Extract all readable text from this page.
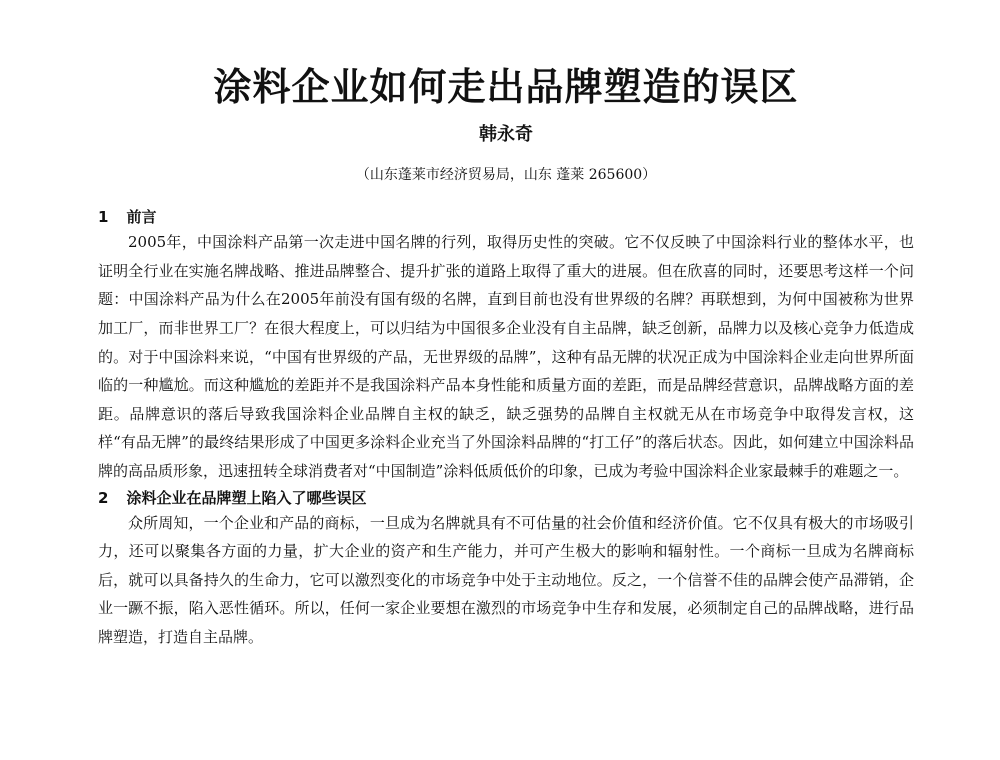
涂料企业如何走出品牌塑造的误区
韩永奇
（山东蓬莱市经济贸易局，山东 蓬莱 265600）
1 前言

2005年，中国涂料产品第一次走进中国名牌的行列，取得历史性的突破。它不仅反映了中国涂料行业的整体水平，也证明全行业在实施名牌战略、推进品牌整合、提升扩张的道路上取得了重大的进展。但在欣喜的同时，还要思考这样一个问题：中国涂料产品为什么在2005年前没有国有级的名牌，直到目前也没有世界级的名牌？再联想到，为何中国被称为世界加工厂，而非世界工厂？在很大程度上，可以归结为中国很多企业没有自主品牌，缺乏创新，品牌力以及核心竞争力低造成的。对于中国涂料来说，“中国有世界级的产品，无世界级的品牌”，这种有品无牌的状况正成为中国涂料企业走向世界所面临的一种尴尬。而这种尴尬的差距并不是我国涂料产品本身性能和质量方面的差距，而是品牌经营意识，品牌战略方面的差距。品牌意识的落后导致我国涂料企业品牌自主权的缺乏，缺乏强势的品牌自主权就无从在市场竞争中取得发言权，这样“有品无牌”的最终结果形成了中国更多涂料企业充当了外国涂料品牌的“打工仔”的落后状态。因此，如何建立中国涂料品牌的高品质形象，迅速扭转全球消费者对“中国制造”涂料低质低价的印象，已成为考验中国涂料企业家最棘手的难题之一。

2 涂料企业在品牌塑上陷入了哪些误区

众所周知，一个企业和产品的商标，一旦成为名牌就具有不可估量的社会价值和经济价值。它不仅具有极大的市场吸引力，还可以聚集各方面的力量，扩大企业的资产和生产能力，并可产生极大的影响和辐射性。一个商标一旦成为名牌商标后，就可以具备持久的生命力，它可以激烈变化的市场竞争中处于主动地位。反之，一个信誉不佳的品牌会使产品滞销，企业一蹶不振，陷入恶性循环。所以，任何一家企业要想在激烈的市场竞争中生存和发展，必须制定自己的品牌战略，进行品牌塑造，打造自主品牌。
